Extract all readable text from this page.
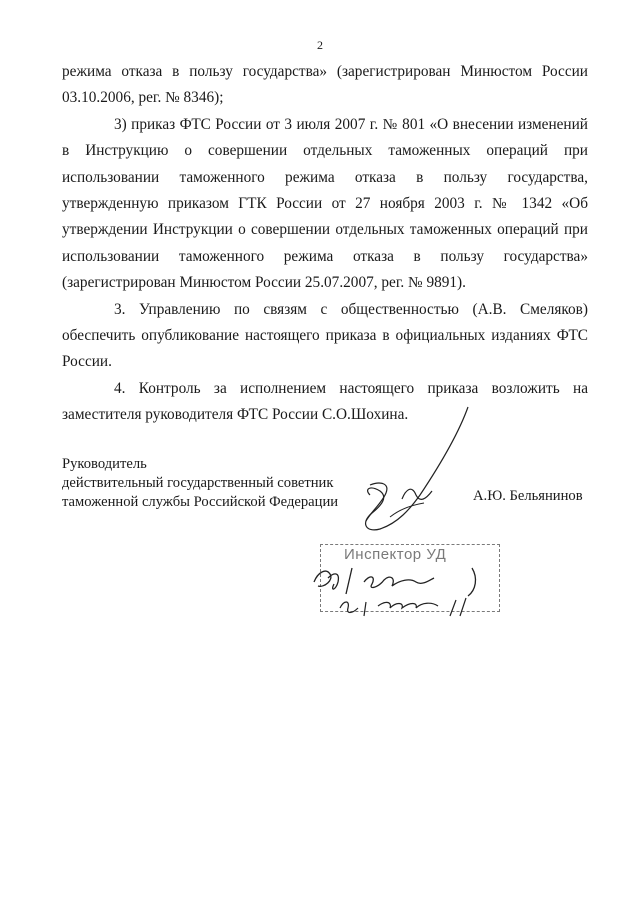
2

режима отказа в пользу государства» (зарегистрирован Минюстом России 03.10.2006, рег. № 8346);

3) приказ ФТС России от 3 июля 2007 г. № 801 «О внесении изменений в Инструкцию о совершении отдельных таможенных операций при использовании таможенного режима отказа в пользу государства, утвержденную приказом ГТК России от 27 ноября 2003 г. № 1342 «Об утверждении Инструкции о совершении отдельных таможенных операций при использовании таможенного режима отказа в пользу государства» (зарегистрирован Минюстом России 25.07.2007, рег. № 9891).

3. Управлению по связям с общественностью (А.В. Смеляков) обеспечить опубликование настоящего приказа в официальных изданиях ФТС России.

4. Контроль за исполнением настоящего приказа возложить на заместителя руководителя ФТС России С.О.Шохина.

Руководитель
действительный государственный советник
таможенной службы Российской Федерации	А.Ю. Бельянинов
Инспектор УД
